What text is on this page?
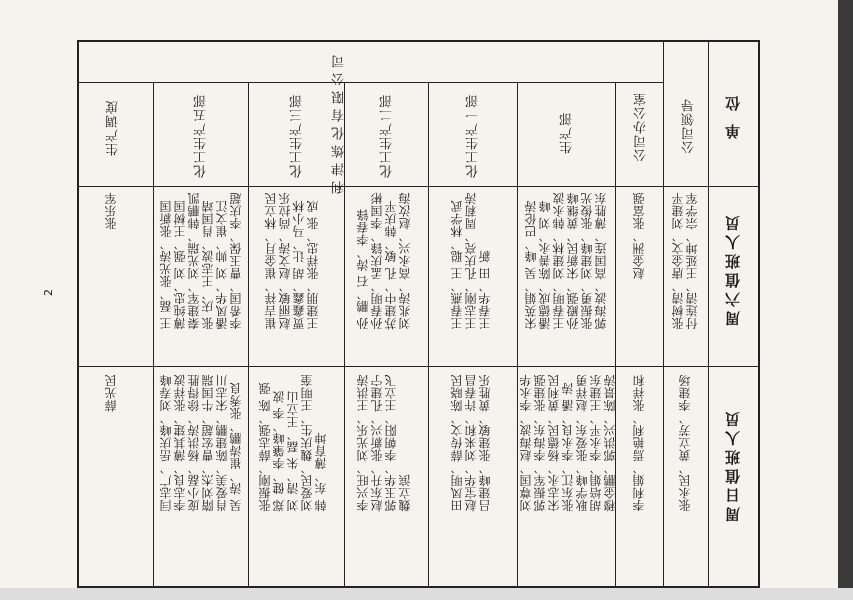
单 位
周六值班人员
周日值班人员
利津炼化有限公司	公司领导
公司办公室
生产部
化工生产一部
化工生产二部
化工生产三部
化工生产五部
生产调度
张树清、唐金文、刘建平 付连清、王延坤、宗学军
张永民、黄立芳、李建场
赵金洲、张富强
李利娟、焉艳利、张祥和
宋英娟、吴 峰、巴伦涛 潘德成、陈善永、刘 峰 王春明、刘建林、韩永波 孙殿强、宋新民、黄继峰 张振勇、刘建峰、张俊光 郭海波、高国连、薄胜东
刘尊国、赵海波、李永华 郭振军、李海东、张建强 宋志永、杨德民、黄利民 张东江、李永良、潘 涛 耿学峰、张爱东、赵祥勇 胡培娟、李永平、王建东 穆金鹏、郭洪兴、陈景涛
王春燕、王 聪、林学武 王志刚、孔庆亮、周莉涛 王春华、田 新
田凤明、薛传文、陈晓民 赵宝华、刘来和、许春昌 吕建峰、张建敏、黄胜乐
孙 鹏、石 涛、李春锋 孙春明、孟庆锋、李国彬 苏建中、孔 敏、韩庆平 刘兆涛、高永兴、赵汝海
李兴旺、刘光乐、王洪涛 赵东升、张新兴、孔建宁 郭玉华、李朝阳、王立飞 魏立滨
崔吉祥、崔金月、林立民 赵丽敏、赵文涛、尚拉乐 贾鑫鑫、胡 让、马小林 王建朋、张祥忠、张 成
张振刚、薛志强、陈 强 郑 健、李肇峰、李 波 刘 清、朱 磊、王立山 刘爱民、魏庆生、王明奎 韩 东、薄育坤
王 磊、张光涛、张新国 薄纯忠、刘 强、王树国 秦建军、刘光瑞、韩鹏凯 张 庆、王志波、肖国靖 潘凤华、刘 帅、崔文江 李希国、曹玉保、李庆超
闫志广、岳庆峰、刘寿峰 李志良、薄其建、张祥波 庞小磊、杨洪涛、徐得胜 隋刘杰、曹宏超、牛国瑞 肖爱美、陈建鹏、宋志川 吴 涛、崔涛鹏、张秀良
张乐军
薛光民
2
